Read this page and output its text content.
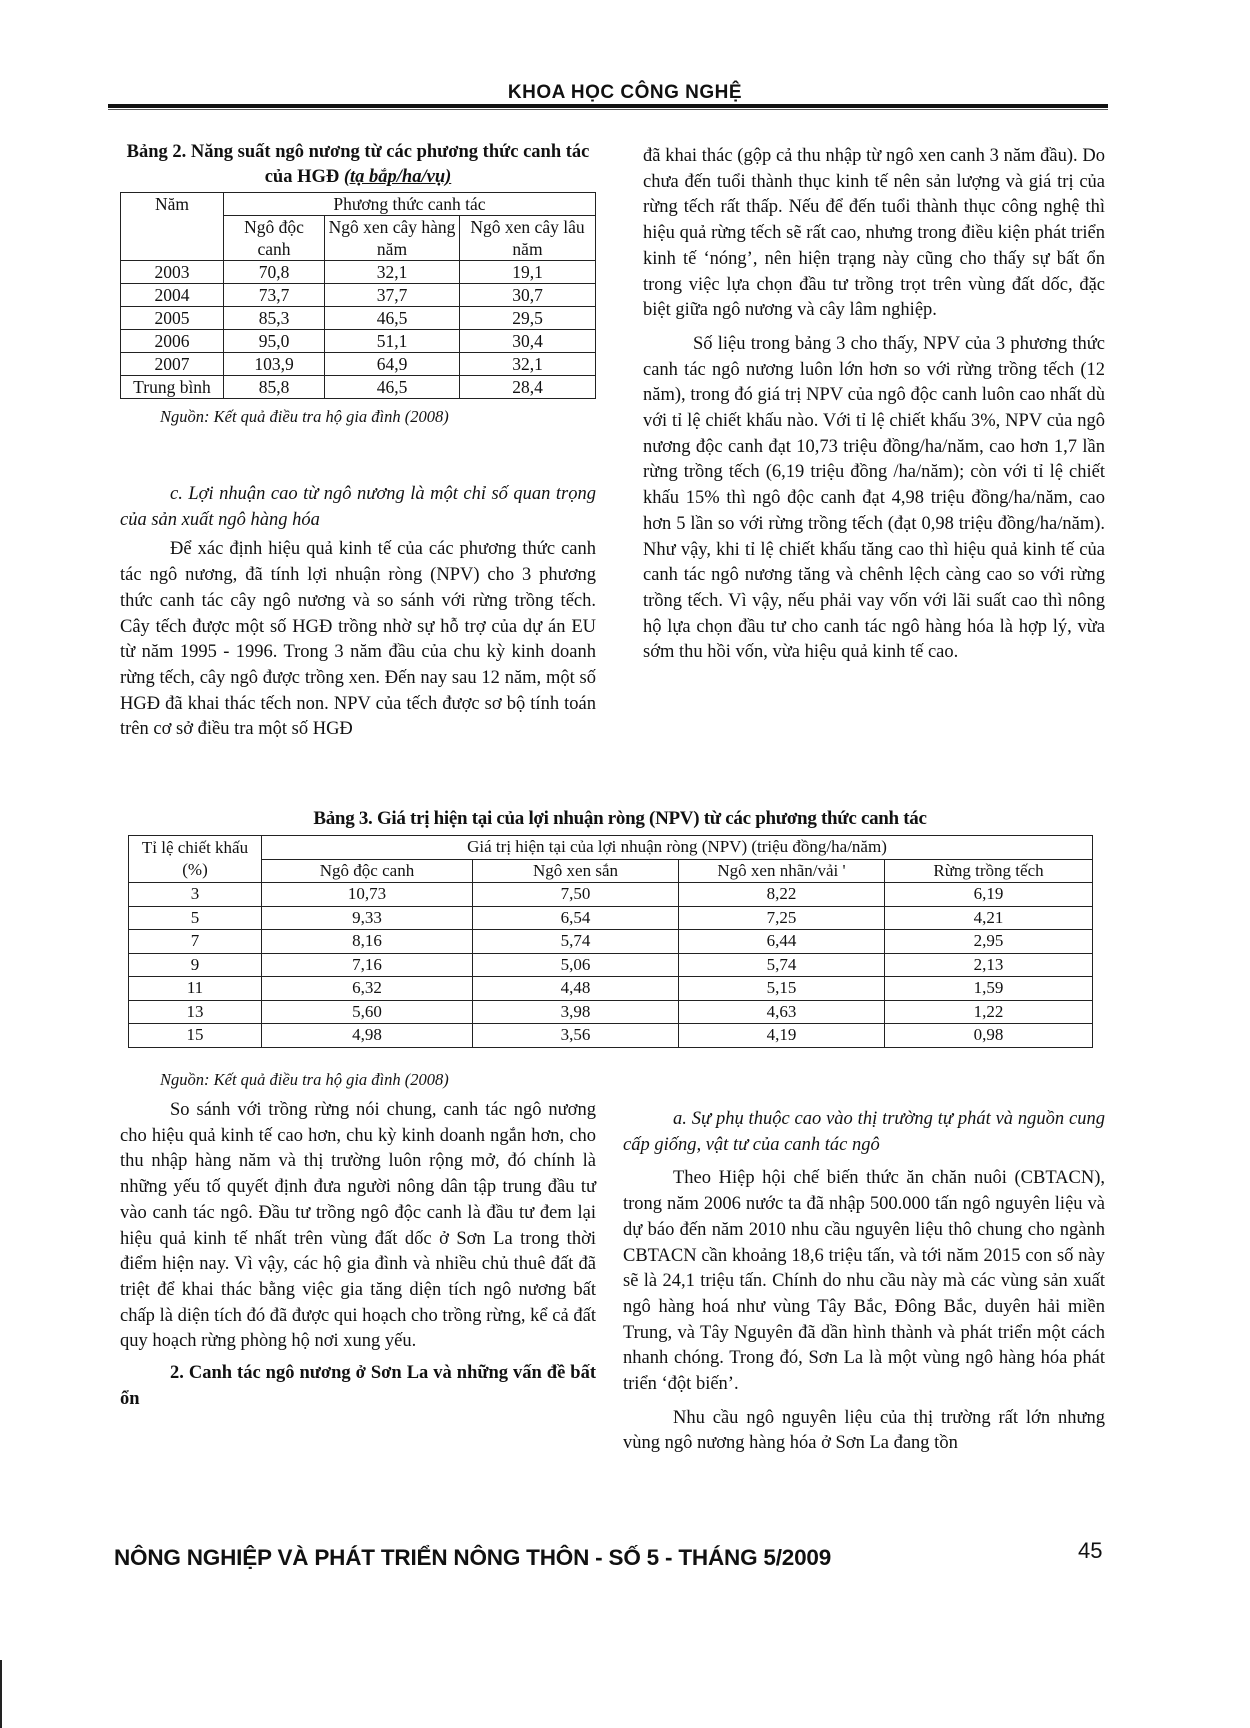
KHOA HỌC CÔNG NGHỆ
Bảng 2. Năng suất ngô nương từ các phương thức canh tác của HGĐ (tạ bắp/ha/vụ)
Năm	Phương thức canh tác		
	Ngô độc canh	Ngô xen cây hàng năm	Ngô xen cây lâu năm
2003	70,8	32,1	19,1
2004	73,7	37,7	30,7
2005	85,3	46,5	29,5
2006	95,0	51,1	30,4
2007	103,9	64,9	32,1
Trung bình	85,8	46,5	28,4
Nguồn: Kết quả điều tra hộ gia đình (2008)

c. Lợi nhuận cao từ ngô nương là một chỉ số quan trọng của sản xuất ngô hàng hóa

Để xác định hiệu quả kinh tế của các phương thức canh tác ngô nương, đã tính lợi nhuận ròng (NPV) cho 3 phương thức canh tác cây ngô nương và so sánh với rừng trồng tếch. Cây tếch được một số HGĐ trồng nhờ sự hỗ trợ của dự án EU từ năm 1995 - 1996. Trong 3 năm đầu của chu kỳ kinh doanh rừng tếch, cây ngô được trồng xen. Đến nay sau 12 năm, một số HGĐ đã khai thác tếch non. NPV của tếch được sơ bộ tính toán trên cơ sở điều tra một số HGĐ

đã khai thác (gộp cả thu nhập từ ngô xen canh 3 năm đầu). Do chưa đến tuổi thành thục kinh tế nên sản lượng và giá trị của rừng tếch rất thấp. Nếu để đến tuổi thành thục công nghệ thì hiệu quả rừng tếch sẽ rất cao, nhưng trong điều kiện phát triển kinh tế ‘nóng’, nên hiện trạng này cũng cho thấy sự bất ổn trong việc lựa chọn đầu tư trồng trọt trên vùng đất dốc, đặc biệt giữa ngô nương và cây lâm nghiệp.

Số liệu trong bảng 3 cho thấy, NPV của 3 phương thức canh tác ngô nương luôn lớn hơn so với rừng trồng tếch (12 năm), trong đó giá trị NPV của ngô độc canh luôn cao nhất dù với tỉ lệ chiết khấu nào. Với tỉ lệ chiết khấu 3%, NPV của ngô nương độc canh đạt 10,73 triệu đồng/ha/năm, cao hơn 1,7 lần rừng trồng tếch (6,19 triệu đồng /ha/năm); còn với tỉ lệ chiết khấu 15% thì ngô độc canh đạt 4,98 triệu đồng/ha/năm, cao hơn 5 lần so với rừng trồng tếch (đạt 0,98 triệu đồng/ha/năm). Như vậy, khi tỉ lệ chiết khấu tăng cao thì hiệu quả kinh tế của canh tác ngô nương tăng và chênh lệch càng cao so với rừng trồng tếch. Vì vậy, nếu phải vay vốn với lãi suất cao thì nông hộ lựa chọn đầu tư cho canh tác ngô hàng hóa là hợp lý, vừa sớm thu hồi vốn, vừa hiệu quả kinh tế cao.

Bảng 3. Giá trị hiện tại của lợi nhuận ròng (NPV) từ các phương thức canh tác
Tỉ lệ chiết khấu (%)	Giá trị hiện tại của lợi nhuận ròng (NPV) (triệu đồng/ha/năm)			
	Ngô độc canh	Ngô xen sắn	Ngô xen nhãn/vải '	Rừng trồng tếch
3	10,73	7,50	8,22	6,19
5	9,33	6,54	7,25	4,21
7	8,16	5,74	6,44	2,95
9	7,16	5,06	5,74	2,13
11	6,32	4,48	5,15	1,59
13	5,60	3,98	4,63	1,22
15	4,98	3,56	4,19	0,98
Nguồn: Kết quả điều tra hộ gia đình (2008)

So sánh với trồng rừng nói chung, canh tác ngô nương cho hiệu quả kinh tế cao hơn, chu kỳ kinh doanh ngắn hơn, cho thu nhập hàng năm và thị trường luôn rộng mở, đó chính là những yếu tố quyết định đưa người nông dân tập trung đầu tư vào canh tác ngô. Đầu tư trồng ngô độc canh là đầu tư đem lại hiệu quả kinh tế nhất trên vùng đất dốc ở Sơn La trong thời điểm hiện nay. Vì vậy, các hộ gia đình và nhiều chủ thuê đất đã triệt để khai thác bằng việc gia tăng diện tích ngô nương bất chấp là diện tích đó đã được qui hoạch cho trồng rừng, kể cả đất quy hoạch rừng phòng hộ nơi xung yếu.

2. Canh tác ngô nương ở Sơn La và những vấn đề bất ổn

a. Sự phụ thuộc cao vào thị trường tự phát và nguồn cung cấp giống, vật tư của canh tác ngô

Theo Hiệp hội chế biến thức ăn chăn nuôi (CBTACN), trong năm 2006 nước ta đã nhập 500.000 tấn ngô nguyên liệu và dự báo đến năm 2010 nhu cầu nguyên liệu thô chung cho ngành CBTACN cần khoảng 18,6 triệu tấn, và tới năm 2015 con số này sẽ là 24,1 triệu tấn. Chính do nhu cầu này mà các vùng sản xuất ngô hàng hoá như vùng Tây Bắc, Đông Bắc, duyên hải miền Trung, và Tây Nguyên đã dần hình thành và phát triển một cách nhanh chóng. Trong đó, Sơn La là một vùng ngô hàng hóa phát triển ‘đột biến’.

Nhu cầu ngô nguyên liệu của thị trường rất lớn nhưng vùng ngô nương hàng hóa ở Sơn La đang tồn

NÔNG NGHIỆP VÀ PHÁT TRIỂN NÔNG THÔN - SỐ 5 - THÁNG 5/2009	45
